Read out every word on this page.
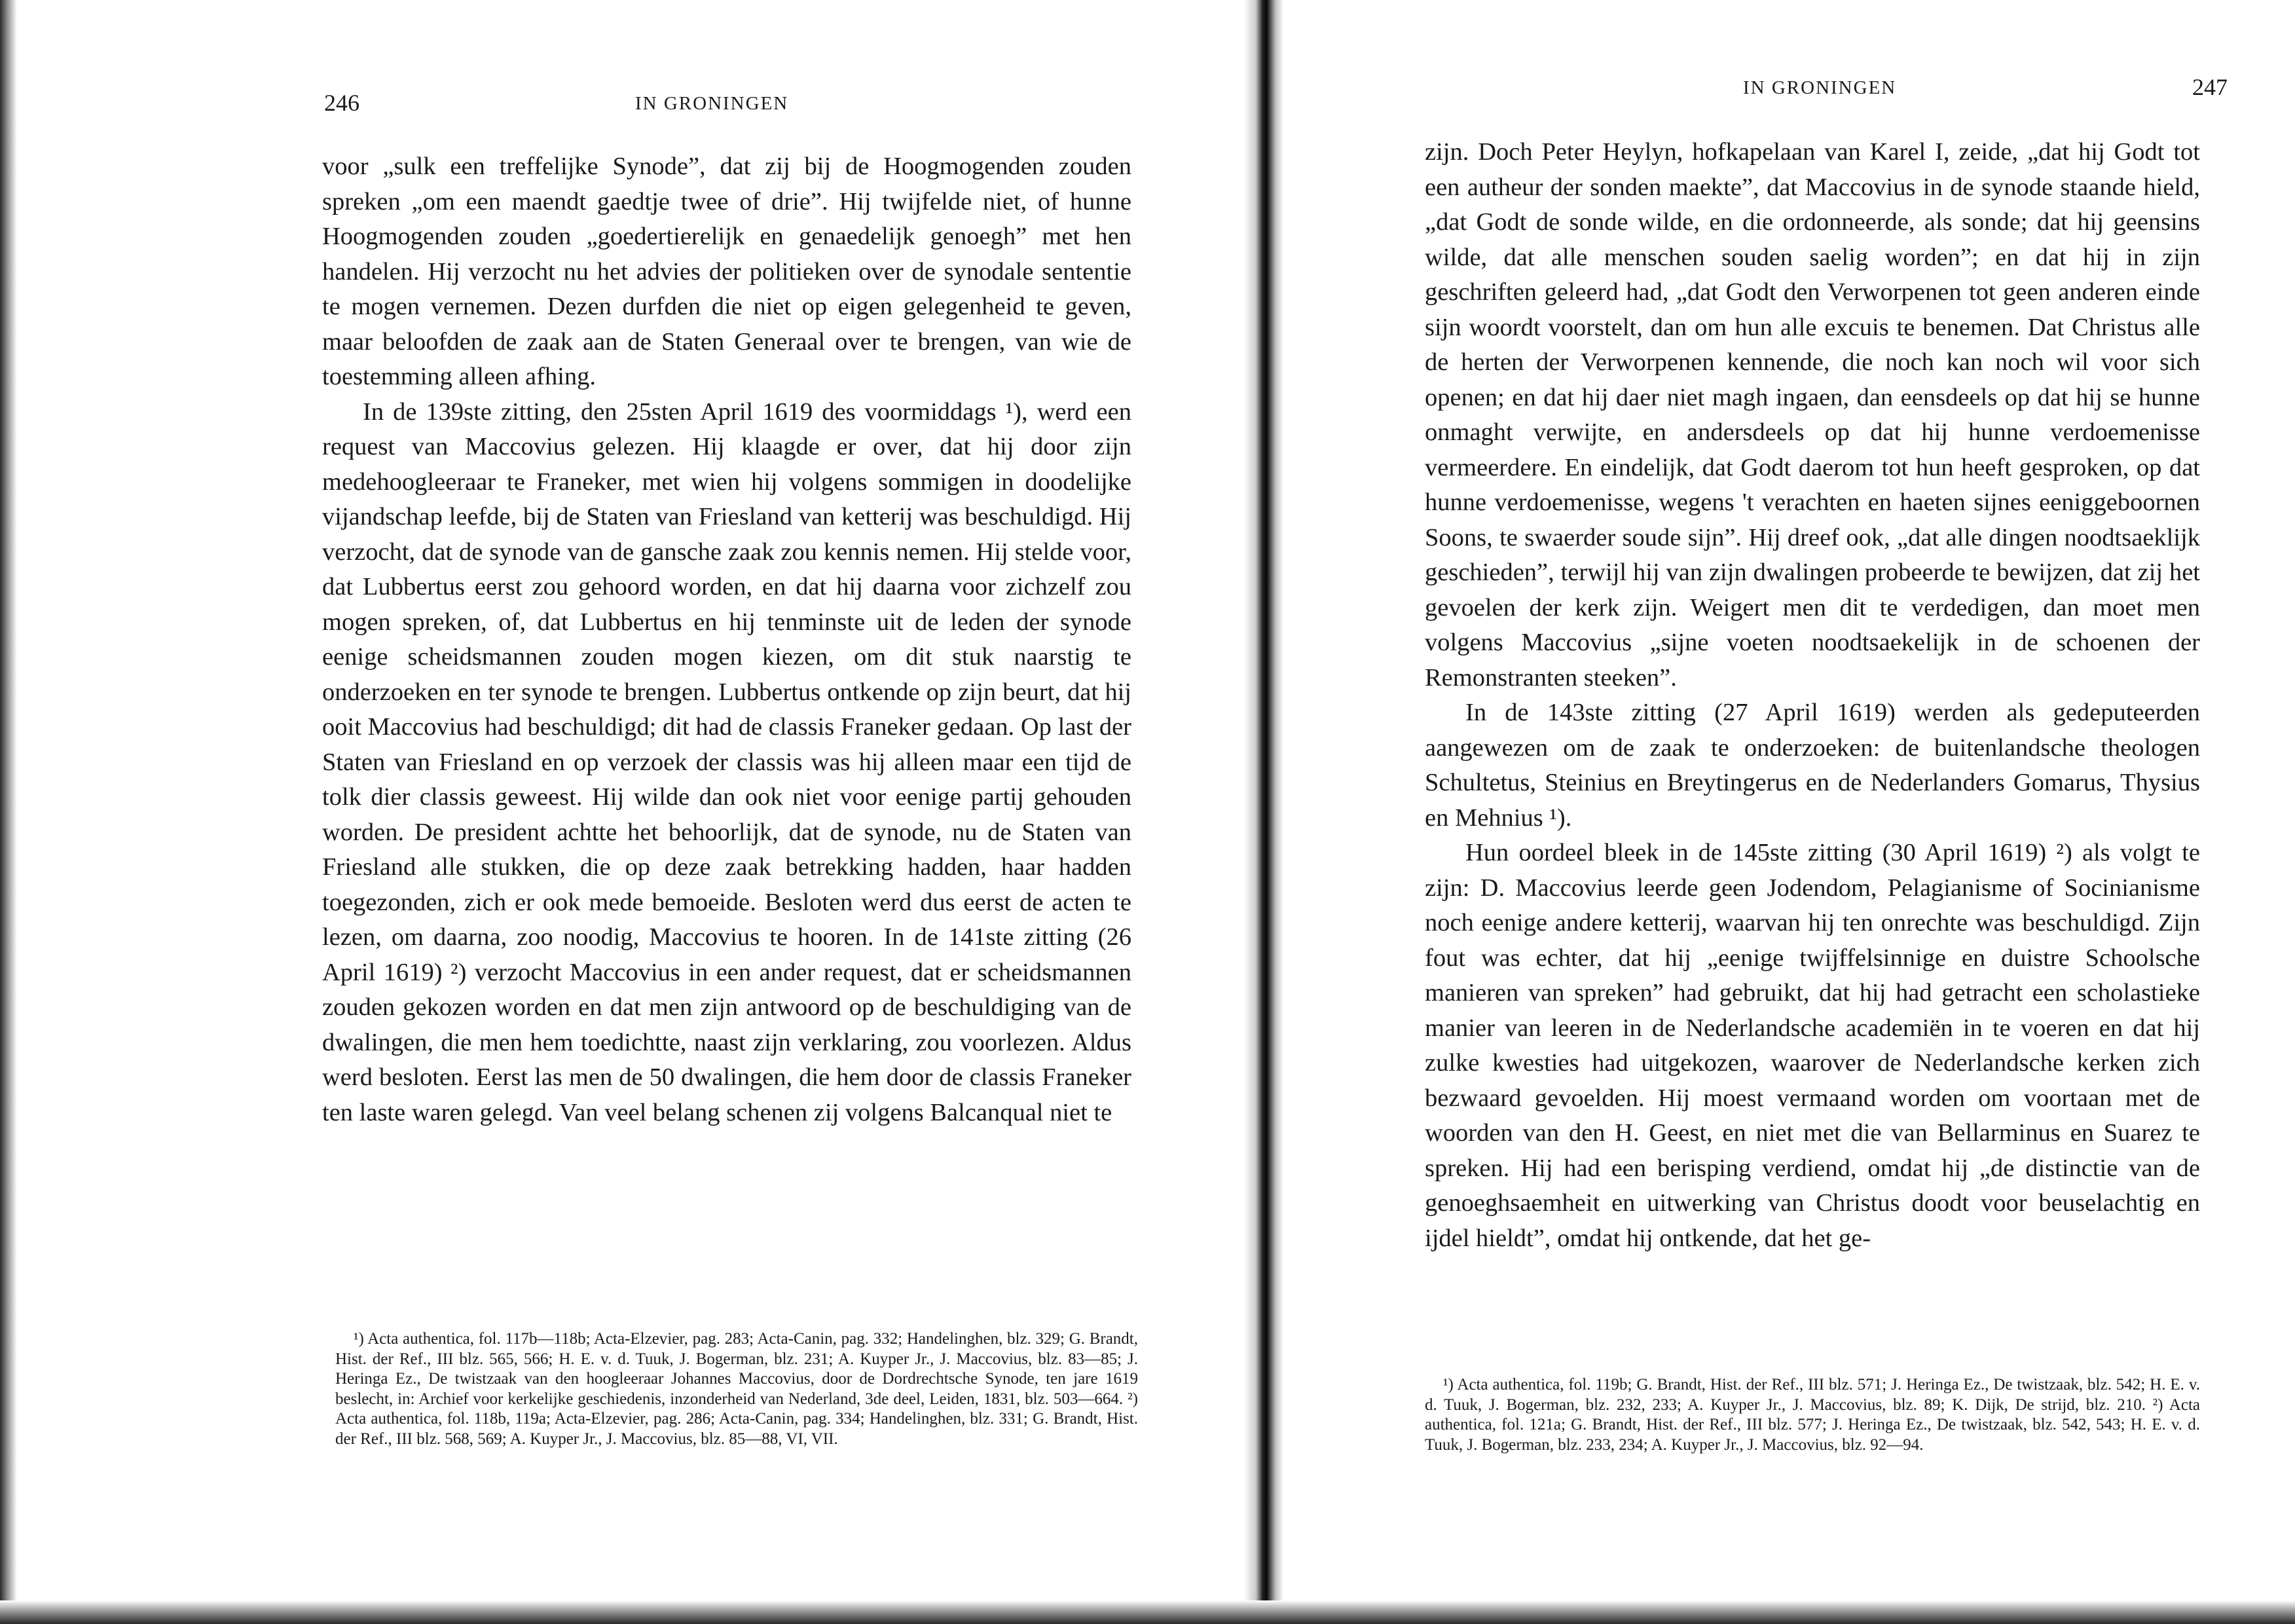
246	IN GRONINGEN

voor „sulk een treffelijke Synode”, dat zij bij de Hoogmogenden zouden spreken „om een maendt gaedtje twee of drie”. Hij twijfelde niet, of hunne Hoogmogenden zouden „goedertierelijk en genaedelijk genoegh” met hen handelen. Hij verzocht nu het advies der politieken over de synodale sententie te mogen vernemen. Dezen durfden die niet op eigen gelegenheid te geven, maar beloofden de zaak aan de Staten Generaal over te brengen, van wie de toestemming alleen afhing.

In de 139ste zitting, den 25sten April 1619 des voormiddags ¹), werd een request van Maccovius gelezen. Hij klaagde er over, dat hij door zijn medehoogleeraar te Franeker, met wien hij volgens sommigen in doodelijke vijandschap leefde, bij de Staten van Friesland van ketterij was beschuldigd. Hij verzocht, dat de synode van de gansche zaak zou kennis nemen. Hij stelde voor, dat Lubbertus eerst zou gehoord worden, en dat hij daarna voor zichzelf zou mogen spreken, of, dat Lubbertus en hij tenminste uit de leden der synode eenige scheidsmannen zouden mogen kiezen, om dit stuk naarstig te onderzoeken en ter synode te brengen. Lubbertus ontkende op zijn beurt, dat hij ooit Maccovius had beschuldigd; dit had de classis Franeker gedaan. Op last der Staten van Friesland en op verzoek der classis was hij alleen maar een tijd de tolk dier classis geweest. Hij wilde dan ook niet voor eenige partij gehouden worden. De president achtte het behoorlijk, dat de synode, nu de Staten van Friesland alle stukken, die op deze zaak betrekking hadden, haar hadden toegezonden, zich er ook mede bemoeide. Besloten werd dus eerst de acten te lezen, om daarna, zoo noodig, Maccovius te hooren. In de 141ste zitting (26 April 1619) ²) verzocht Maccovius in een ander request, dat er scheidsmannen zouden gekozen worden en dat men zijn antwoord op de beschuldiging van de dwalingen, die men hem toedichtte, naast zijn verklaring, zou voorlezen. Aldus werd besloten. Eerst las men de 50 dwalingen, die hem door de classis Franeker ten laste waren gelegd. Van veel belang schenen zij volgens Balcanqual niet te

¹) Acta authentica, fol. 117b—118b; Acta-Elzevier, pag. 283; Acta-Canin, pag. 332; Handelinghen, blz. 329; G. Brandt, Hist. der Ref., III blz. 565, 566; H. E. v. d. Tuuk, J. Bogerman, blz. 231; A. Kuyper Jr., J. Maccovius, blz. 83—85; J. Heringa Ez., De twistzaak van den hoogleeraar Johannes Maccovius, door de Dordrechtsche Synode, ten jare 1619 beslecht, in: Archief voor kerkelijke geschiedenis, inzonderheid van Nederland, 3de deel, Leiden, 1831, blz. 503—664. ²) Acta authentica, fol. 118b, 119a; Acta-Elzevier, pag. 286; Acta-Canin, pag. 334; Handelinghen, blz. 331; G. Brandt, Hist. der Ref., III blz. 568, 569; A. Kuyper Jr., J. Maccovius, blz. 85—88, VI, VII.

IN GRONINGEN	247

zijn. Doch Peter Heylyn, hofkapelaan van Karel I, zeide, „dat hij Godt tot een autheur der sonden maekte”, dat Maccovius in de synode staande hield, „dat Godt de sonde wilde, en die ordonneerde, als sonde; dat hij geensins wilde, dat alle menschen souden saelig worden”; en dat hij in zijn geschriften geleerd had, „dat Godt den Verworpenen tot geen anderen einde sijn woordt voorstelt, dan om hun alle excuis te benemen. Dat Christus alle de herten der Verworpenen kennende, die noch kan noch wil voor sich openen; en dat hij daer niet magh ingaen, dan eensdeels op dat hij se hunne onmaght verwijte, en andersdeels op dat hij hunne verdoemenisse vermeerdere. En eindelijk, dat Godt daerom tot hun heeft gesproken, op dat hunne verdoemenisse, wegens 't verachten en haeten sijnes eeniggeboornen Soons, te swaerder soude sijn”. Hij dreef ook, „dat alle dingen noodtsaeklijk geschieden”, terwijl hij van zijn dwalingen probeerde te bewijzen, dat zij het gevoelen der kerk zijn. Weigert men dit te verdedigen, dan moet men volgens Maccovius „sijne voeten noodtsaekelijk in de schoenen der Remonstranten steeken”.

In de 143ste zitting (27 April 1619) werden als gedeputeerden aangewezen om de zaak te onderzoeken: de buitenlandsche theologen Schultetus, Steinius en Breytingerus en de Nederlanders Gomarus, Thysius en Mehnius ¹).

Hun oordeel bleek in de 145ste zitting (30 April 1619) ²) als volgt te zijn: D. Maccovius leerde geen Jodendom, Pelagianisme of Socinianisme noch eenige andere ketterij, waarvan hij ten onrechte was beschuldigd. Zijn fout was echter, dat hij „eenige twijffelsinnige en duistre Schoolsche manieren van spreken” had gebruikt, dat hij had getracht een scholastieke manier van leeren in de Nederlandsche academiën in te voeren en dat hij zulke kwesties had uitgekozen, waarover de Nederlandsche kerken zich bezwaard gevoelden. Hij moest vermaand worden om voortaan met de woorden van den H. Geest, en niet met die van Bellarminus en Suarez te spreken. Hij had een berisping verdiend, omdat hij „de distinctie van de genoeghsaemheit en uitwerking van Christus doodt voor beuselachtig en ijdel hieldt”, omdat hij ontkende, dat het ge-

¹) Acta authentica, fol. 119b; G. Brandt, Hist. der Ref., III blz. 571; J. Heringa Ez., De twistzaak, blz. 542; H. E. v. d. Tuuk, J. Bogerman, blz. 232, 233; A. Kuyper Jr., J. Maccovius, blz. 89; K. Dijk, De strijd, blz. 210. ²) Acta authentica, fol. 121a; G. Brandt, Hist. der Ref., III blz. 577; J. Heringa Ez., De twistzaak, blz. 542, 543; H. E. v. d. Tuuk, J. Bogerman, blz. 233, 234; A. Kuyper Jr., J. Maccovius, blz. 92—94.
